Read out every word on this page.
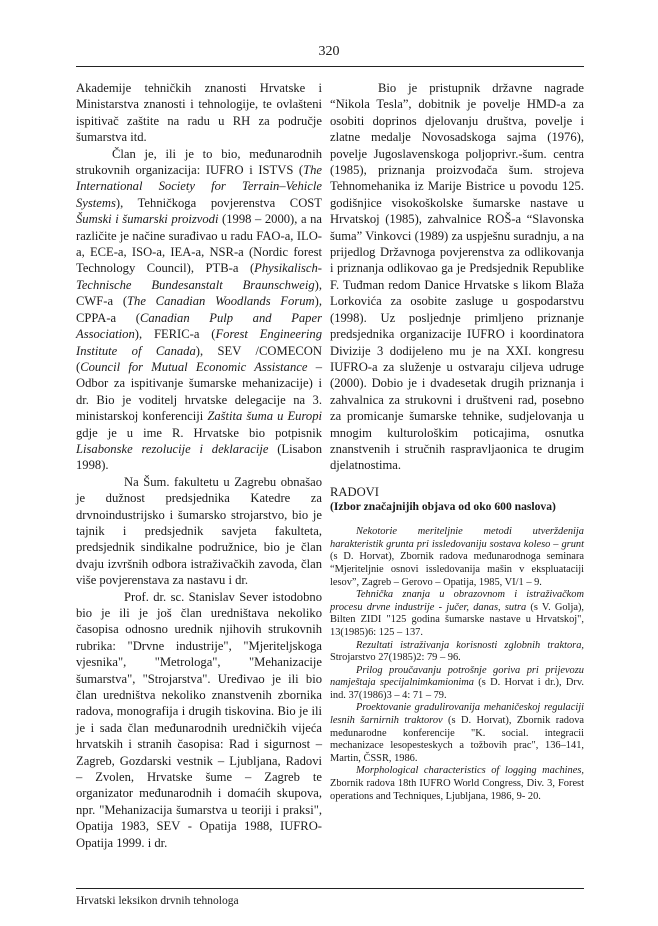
320

Akademije tehničkih znanosti Hrvatske i Ministarstva znanosti i tehnologije, te ovlašteni ispitivač zaštite na radu u RH za područje šumarstva itd.

Član je, ili je to bio, međunarodnih strukovnih organizacija: IUFRO i ISTVS (The International Society for Terrain–Vehicle Systems), Tehničkoga povjerenstva COST Šumski i šumarski proizvodi (1998 – 2000), a na različite je načine surađivao u radu FAO-a, ILO-a, ECE-a, ISO-a, IEA-a, NSR-a (Nordic forest Technology Council), PTB-a (Physikalisch-Technische Bundesanstalt Braunschweig), CWF-a (The Canadian Woodlands Forum), CPPA-a (Canadian Pulp and Paper Association), FERIC-a (Forest Engineering Institute of Canada), SEV /COMECON (Council for Mutual Economic Assistance – Odbor za ispitivanje šumarske mehanizacije) i dr. Bio je voditelj hrvatske delegacije na 3. ministarskoj konferenciji Zaštita šuma u Europi gdje je u ime R. Hrvatske bio potpisnik Lisabonske rezolucije i deklaracije (Lisabon 1998).

Na Šum. fakultetu u Zagrebu obnašao je dužnost predsjednika Katedre za drvnoindustrijsko i šumarsko strojarstvo, bio je tajnik i predsjednik savjeta fakulteta, predsjednik sindikalne podružnice, bio je član dvaju izvršnih odbora istraživačkih zavoda, član više povjerenstava za nastavu i dr.

Prof. dr. sc. Stanislav Sever istodobno bio je ili je još član uredništava nekoliko časopisa odnosno urednik njihovih strukovnih rubrika: "Drvne industrije", "Mjeriteljskoga vjesnika", "Metrologa", "Mehanizacije šumarstva", "Strojarstva". Uređivao je ili bio član uredništva nekoliko znanstvenih zbornika radova, monografija i drugih tiskovina. Bio je ili je i sada član međunarodnih uredničkih vijeća hrvatskih i stranih časopisa: Rad i sigurnost – Zagreb, Gozdarski vestnik – Ljubljana, Radovi – Zvolen, Hrvatske šume – Zagreb te organizator međunarodnih i domaćih skupova, npr. "Mehanizacija šumarstva u teoriji i praksi", Opatija 1983, SEV - Opatija 1988, IUFRO-Opatija 1999. i dr.

Bio je pristupnik državne nagrade “Nikola Tesla”, dobitnik je povelje HMD-a za osobiti doprinos djelovanju društva, povelje i zlatne medalje Novosadskoga sajma (1976), povelje Jugoslavenskoga poljoprivr.-šum. centra (1985), priznanja proizvođača šum. strojeva Tehnomehanika iz Marije Bistrice u povodu 125. godišnjice visokoškolske šumarske nastave u Hrvatskoj (1985), zahvalnice ROŠ-a “Slavonska šuma” Vinkovci (1989) za uspješnu suradnju, a na prijedlog Državnoga povjerenstva za odlikovanja i priznanja odlikovao ga je Predsjednik Republike F. Tuđman redom Danice Hrvatske s likom Blaža Lorkovića za osobite zasluge u gospodarstvu (1998). Uz posljednje primljeno priznanje predsjednika organizacije IUFRO i koordinatora Divizije 3 dodijeleno mu je na XXI. kongresu IUFRO-a za služenje u ostvaraju ciljeva udruge (2000). Dobio je i dvadesetak drugih priznanja i zahvalnica za strukovni i društveni rad, posebno za promicanje šumarske tehnike, sudjelovanja u mnogim kulturološkim poticajima, osnutka znanstvenih i stručnih raspravljaonica te drugim djelatnostima.

RADOVI

(Izbor značajnijih objava od oko 600 naslova)

Nekotorie meriteljnie metodi utverždenija harakteristik grunta pri issledovaniju sostava koleso – grunt (s D. Horvat), Zbornik radova međunarodnoga seminara “Mjeriteljnie osnovi issledovanija mašin v ekspluataciji lesov”, Zagreb – Gerovo – Opatija, 1985, VI/1 – 9.
Tehnička znanja u obrazovnom i istraživačkom procesu drvne industrije - jučer, danas, sutra (s V. Golja), Bilten ZIDI "125 godina šumarske nastave u Hrvatskoj", 13(1985)6: 125 – 137.
Rezultati istraživanja korisnosti zglobnih traktora, Strojarstvo 27(1985)2: 79 – 96.
Prilog proučavanju potrošnje goriva pri prijevozu namještaja specijalnimkamionima (s D. Horvat i dr.), Drv. ind. 37(1986)3 – 4: 71 – 79.
Proektovanie gradulirovanija mehaničeskoj regulaciji lesnih šarnirnih traktorov (s D. Horvat), Zbornik radova međunarodne konferencije "K. social. integracii mechanizace lesopesteskych a tožbovih prac", 136–141, Martin, ČSSR, 1986.
Morphological characteristics of logging machines, Zbornik radova 18th IUFRO World Congress, Div. 3, Forest operations and Techniques, Ljubljana, 1986, 9- 20.
Hrvatski leksikon drvnih tehnologa
